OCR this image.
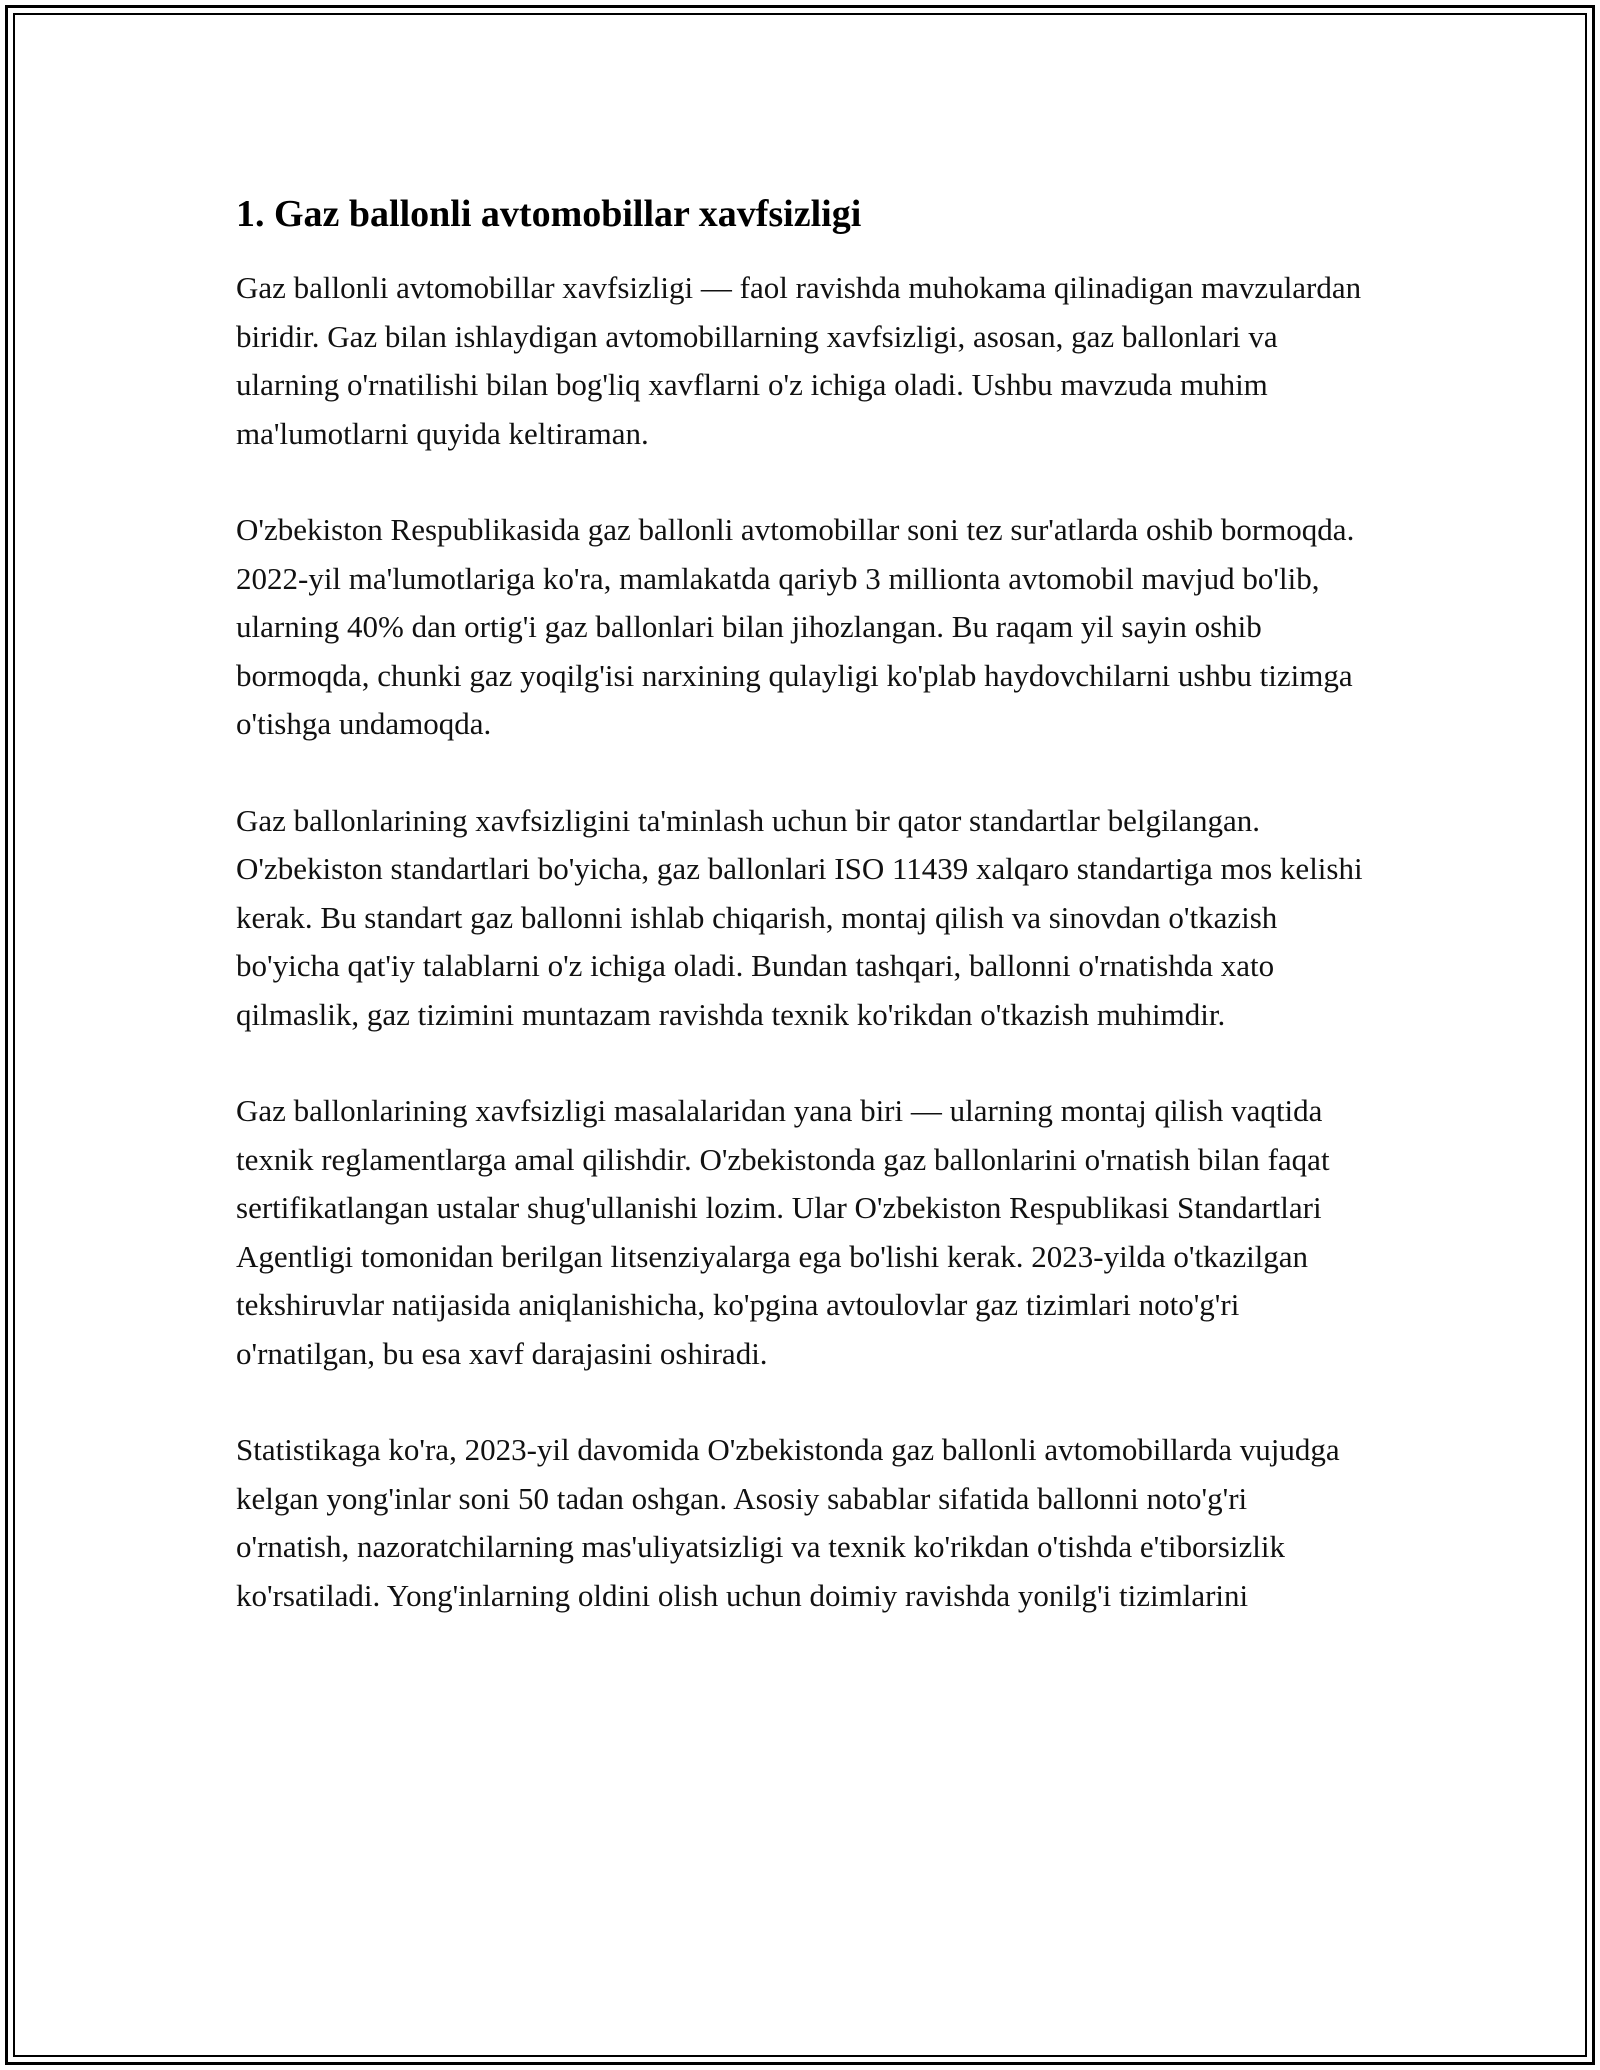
1. Gaz ballonli avtomobillar xavfsizligi

Gaz ballonli avtomobillar xavfsizligi — faol ravishda muhokama qilinadigan mavzulardan biridir. Gaz bilan ishlaydigan avtomobillarning xavfsizligi, asosan, gaz ballonlari va ularning o'rnatilishi bilan bog'liq xavflarni o'z ichiga oladi. Ushbu mavzuda muhim ma'lumotlarni quyida keltiraman.

O'zbekiston Respublikasida gaz ballonli avtomobillar soni tez sur'atlarda oshib bormoqda. 2022-yil ma'lumotlariga ko'ra, mamlakatda qariyb 3 millionta avtomobil mavjud bo'lib, ularning 40% dan ortig'i gaz ballonlari bilan jihozlangan. Bu raqam yil sayin oshib bormoqda, chunki gaz yoqilg'isi narxining qulayligi ko'plab haydovchilarni ushbu tizimga o'tishga undamoqda.

Gaz ballonlarining xavfsizligini ta'minlash uchun bir qator standartlar belgilangan. O'zbekiston standartlari bo'yicha, gaz ballonlari ISO 11439 xalqaro standartiga mos kelishi kerak. Bu standart gaz ballonni ishlab chiqarish, montaj qilish va sinovdan o'tkazish bo'yicha qat'iy talablarni o'z ichiga oladi. Bundan tashqari, ballonni o'rnatishda xato qilmaslik, gaz tizimini muntazam ravishda texnik ko'rikdan o'tkazish muhimdir.

Gaz ballonlarining xavfsizligi masalalaridan yana biri — ularning montaj qilish vaqtida texnik reglamentlarga amal qilishdir. O'zbekistonda gaz ballonlarini o'rnatish bilan faqat sertifikatlangan ustalar shug'ullanishi lozim. Ular O'zbekiston Respublikasi Standartlari Agentligi tomonidan berilgan litsenziyalarga ega bo'lishi kerak. 2023-yilda o'tkazilgan tekshiruvlar natijasida aniqlanishicha, ko'pgina avtoulovlar gaz tizimlari noto'g'ri o'rnatilgan, bu esa xavf darajasini oshiradi.

Statistikaga ko'ra, 2023-yil davomida O'zbekistonda gaz ballonli avtomobillarda vujudga kelgan yong'inlar soni 50 tadan oshgan. Asosiy sabablar sifatida ballonni noto'g'ri o'rnatish, nazoratchilarning mas'uliyatsizligi va texnik ko'rikdan o'tishda e'tiborsizlik ko'rsatiladi. Yong'inlarning oldini olish uchun doimiy ravishda yonilg'i tizimlarini
